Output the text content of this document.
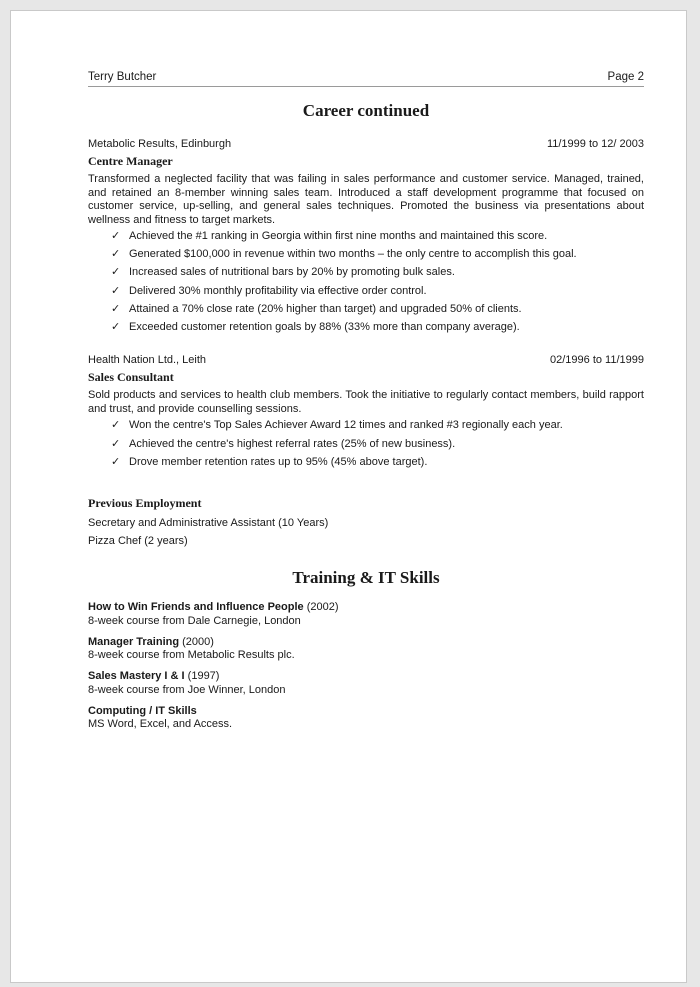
Terry Butcher	Page 2
Career continued
Metabolic Results, Edinburgh	11/1999 to 12/ 2003
Centre Manager
Transformed a neglected facility that was failing in sales performance and customer service. Managed, trained, and retained an 8-member winning sales team. Introduced a staff development programme that focused on customer service, up-selling, and general sales techniques. Promoted the business via presentations about wellness and fitness to target markets.
✓ Achieved the #1 ranking in Georgia within first nine months and maintained this score.
✓ Generated $100,000 in revenue within two months – the only centre to accomplish this goal.
✓ Increased sales of nutritional bars by 20% by promoting bulk sales.
✓ Delivered 30% monthly profitability via effective order control.
✓ Attained a 70% close rate (20% higher than target) and upgraded 50% of clients.
✓ Exceeded customer retention goals by 88% (33% more than company average).
Health Nation Ltd., Leith	02/1996 to 11/1999
Sales Consultant
Sold products and services to health club members. Took the initiative to regularly contact members, build rapport and trust, and provide counselling sessions.
✓ Won the centre's Top Sales Achiever Award 12 times and ranked #3 regionally each year.
✓ Achieved the centre's highest referral rates (25% of new business).
✓ Drove member retention rates up to 95% (45% above target).
Previous Employment
Secretary and Administrative Assistant (10 Years)
Pizza Chef (2 years)
Training & IT Skills
How to Win Friends and Influence People (2002)
8-week course from Dale Carnegie, London
Manager Training (2000)
8-week course from Metabolic Results plc.
Sales Mastery I & I (1997)
8-week course from Joe Winner, London
Computing / IT Skills
MS Word, Excel, and Access.
